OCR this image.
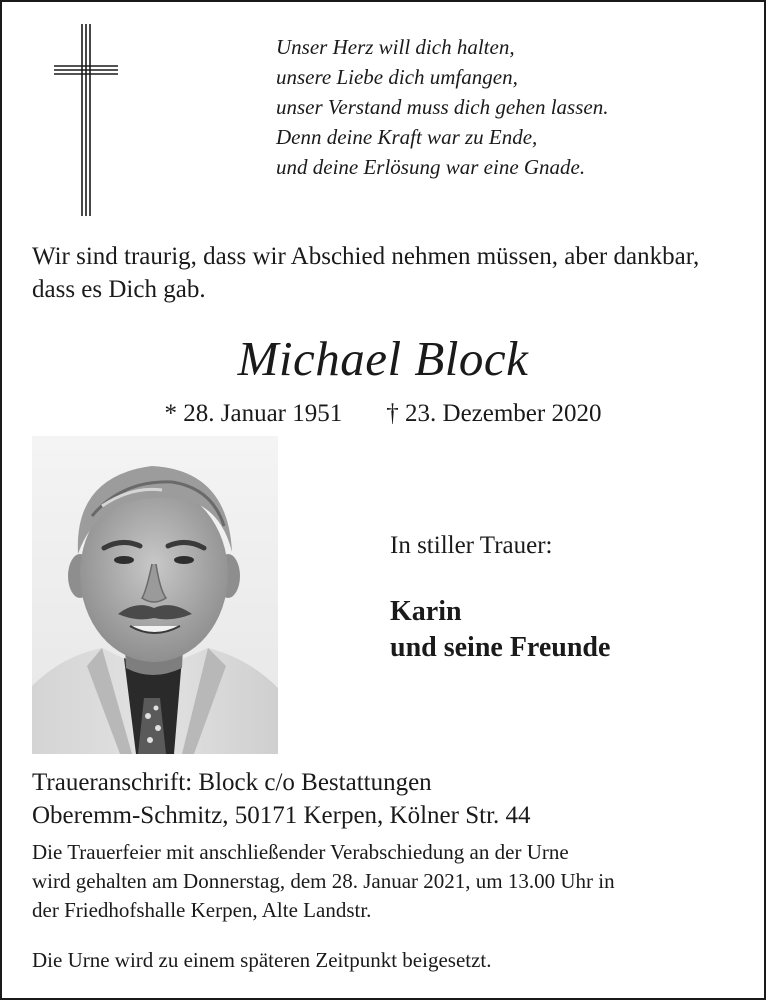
Unser Herz will dich halten,
unsere Liebe dich umfangen,
unser Verstand muss dich gehen lassen.
Denn deine Kraft war zu Ende,
und deine Erlösung war eine Gnade.

Wir sind traurig, dass wir Abschied nehmen müssen, aber dankbar, dass es Dich gab.

Michael Block
* 28. Januar 1951 † 23. Dezember 2020
In stiller Trauer:
Karin
und seine Freunde
Traueranschrift: Block c/o Bestattungen
Oberemm-Schmitz, 50171 Kerpen, Kölner Str. 44
Die Trauerfeier mit anschließender Verabschiedung an der Urne
wird gehalten am Donnerstag, dem 28. Januar 2021, um 13.00 Uhr in
der Friedhofshalle Kerpen, Alte Landstr.
Die Urne wird zu einem späteren Zeitpunkt beigesetzt.
